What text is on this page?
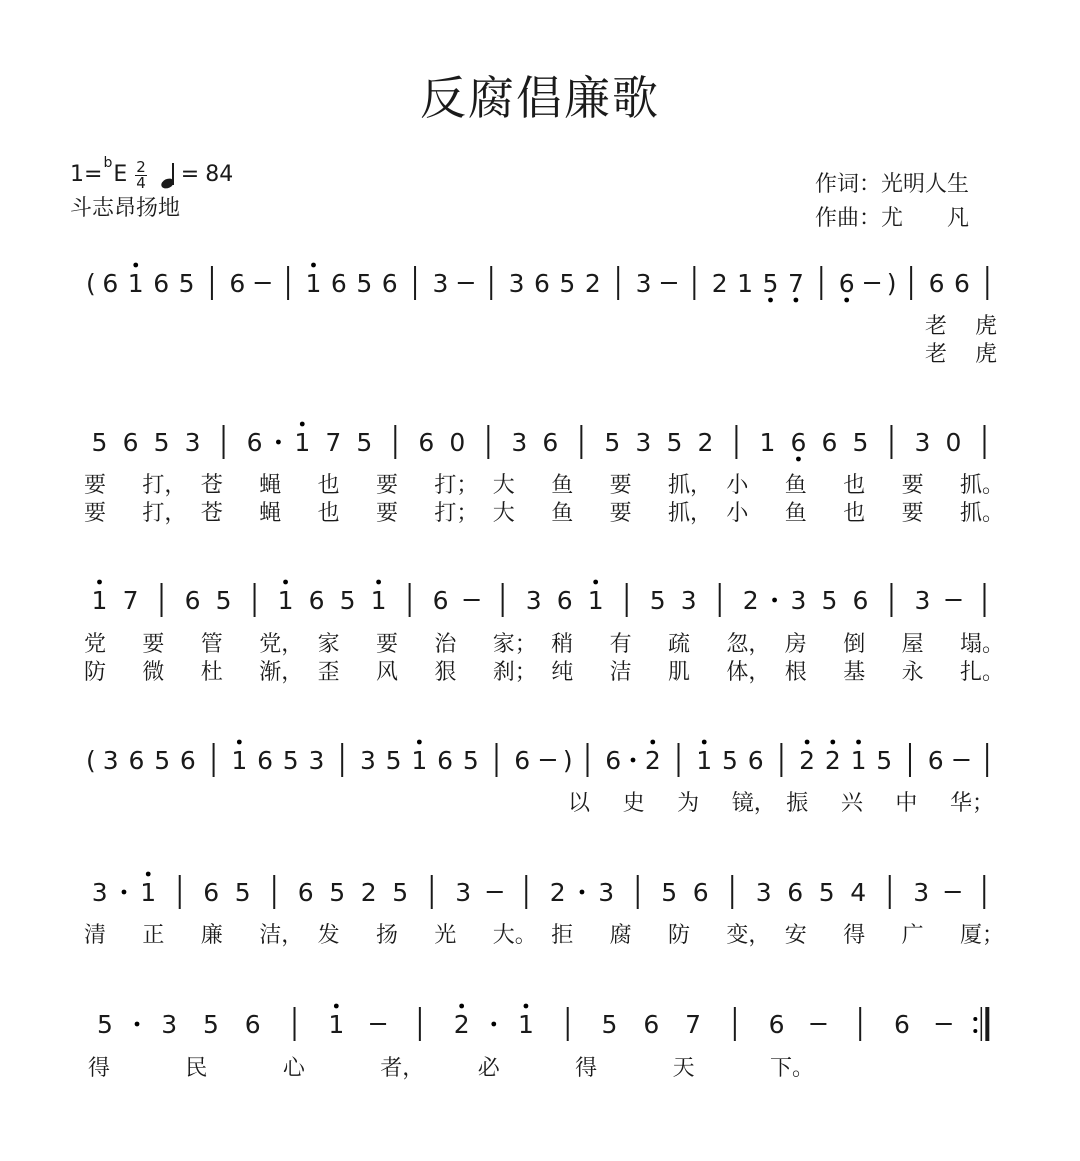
反腐倡廉歌
1= b E $\frac{2}{4} = 84$
斗志昂扬地
作词：光明人生
作曲：尤　　凡
( 6 1 6 5 6 1 6 5 6 3 3 6 5 2 3 2 1 5 7 6 ) 6 6
老 虎
老 虎
5 6 5 3 6 1 7 5 6 0 3 6 5 3 5 2 1 6 6 5 3 0
要 打， 苍 蝇 也 要 打； 大 鱼 要 抓， 小 鱼 也 要 抓。
要 打， 苍 蝇 也 要 打； 大 鱼 要 抓， 小 鱼 也 要 抓。
1 7 6 5 1 6 5 1 6	3 6 1 5 3 2 3 5 6 3
党 要 管 党， 家 要 治 家； 稍 有 疏 忽， 房 倒 屋 塌。
防 微 杜 渐， 歪 风 狠 刹； 纯 洁 肌 体， 根 基 永 扎。
( 3 6 5 6 1 6 5 3 3 5 1 6 5 6 ) 6 2 1 5 6 2 2 1 5 6
以 史 为 镜， 振 兴 中 华；
3 1 6 5 6 5 2 5 3	2 3 5 6 3 6 5 4 3
清 正 廉 洁， 发 扬 光 大。 拒 腐 防 变， 安 得 广 厦；
5 3 5 6	1	2 1	5 6 7	6	6
得	民	心	者， 必	得	天	下。
